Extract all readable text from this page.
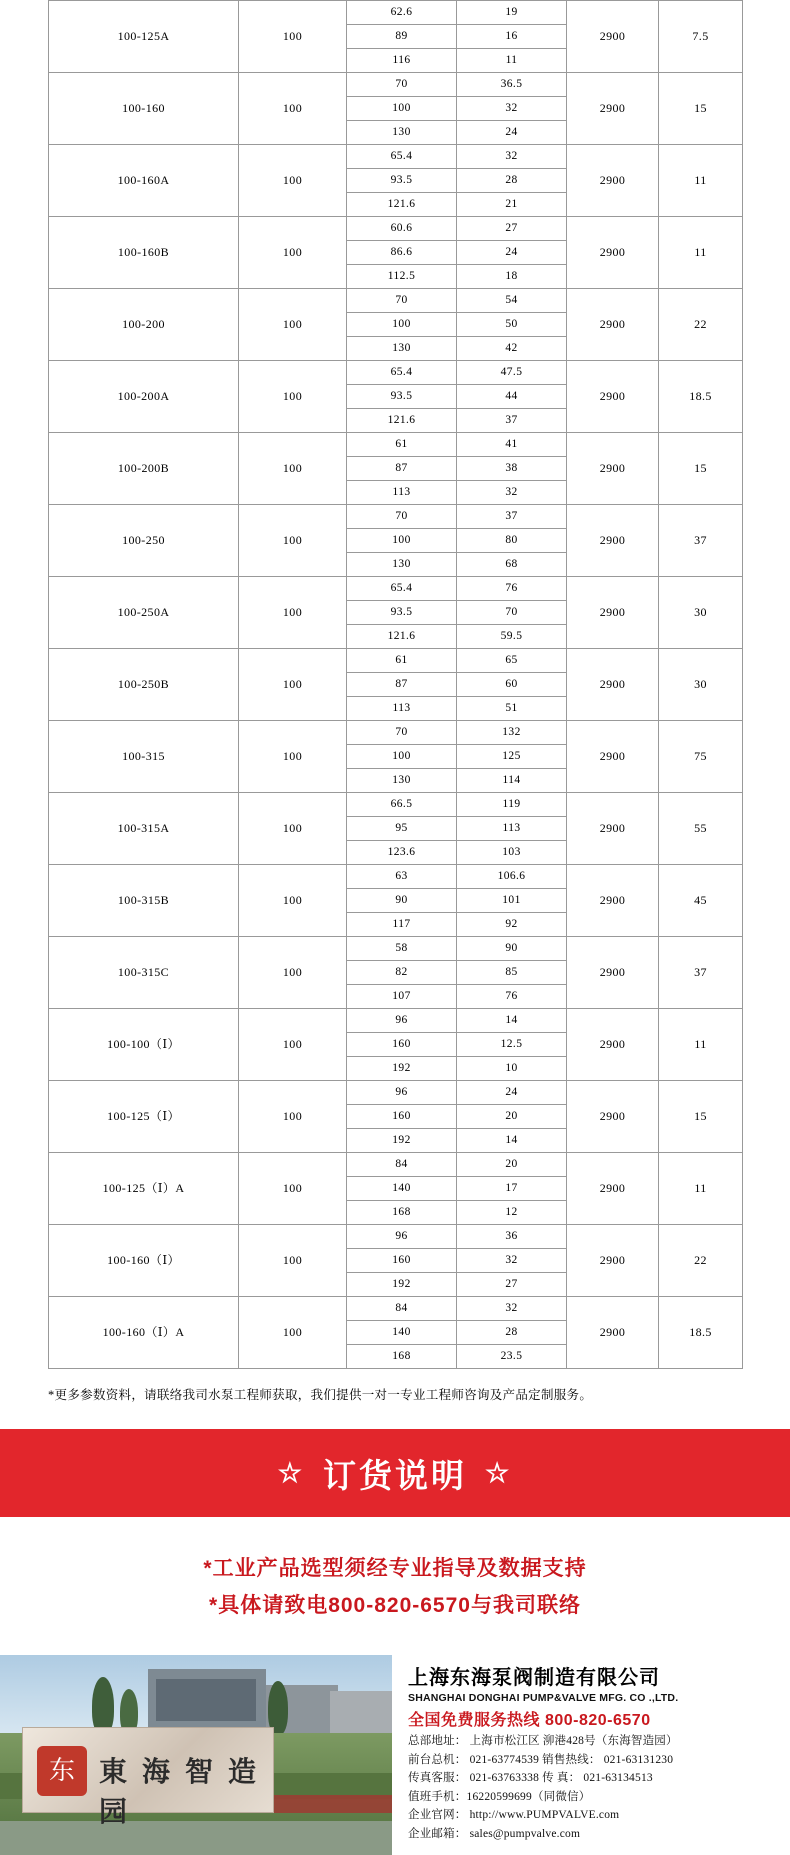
100-125A	100	62.6	19	2900	7.5
		89	16		
		116	11		
100-160	100	70	36.5	2900	15
		100	32		
		130	24		
100-160A	100	65.4	32	2900	11
		93.5	28		
		121.6	21		
100-160B	100	60.6	27	2900	11
		86.6	24		
		112.5	18		
100-200	100	70	54	2900	22
		100	50		
		130	42		
100-200A	100	65.4	47.5	2900	18.5
		93.5	44		
		121.6	37		
100-200B	100	61	41	2900	15
		87	38		
		113	32		
100-250	100	70	37	2900	37
		100	80		
		130	68		
100-250A	100	65.4	76	2900	30
		93.5	70		
		121.6	59.5		
100-250B	100	61	65	2900	30
		87	60		
		113	51		
100-315	100	70	132	2900	75
		100	125		
		130	114		
100-315A	100	66.5	119	2900	55
		95	113		
		123.6	103		
100-315B	100	63	106.6	2900	45
		90	101		
		117	92		
100-315C	100	58	90	2900	37
		82	85		
		107	76		
100-100（Ⅰ）	100	96	14	2900	11
		160	12.5		
		192	10		
100-125（Ⅰ）	100	96	24	2900	15
		160	20		
		192	14		
100-125（Ⅰ）A	100	84	20	2900	11
		140	17		
		168	12		
100-160（Ⅰ）	100	96	36	2900	22
		160	32		
		192	27		
100-160（Ⅰ）A	100	84	32	2900	18.5
		140	28		
		168	23.5		
*更多参数资料，请联络我司水泵工程师获取，我们提供一对一专业工程师咨询及产品定制服务。
☆ 订货说明 ☆
*工业产品选型须经专业指导及数据支持
*具体请致电800-820-6570与我司联络
东 東 海 智 造 园
上海东海泵阀制造有限公司
SHANGHAI DONGHAI PUMP&VALVE MFG. CO .,LTD.
全国免费服务热线 800-820-6570
总部地址： 上海市松江区 泖港428号（东海智造园）
前台总机： 021-63774539 销售热线： 021-63131230
传真客服： 021-63763338 传 真： 021-63134513
值班手机：16220599699（同微信）
企业官网： http://www.PUMPVALVE.com
企业邮箱： sales@pumpvalve.com
